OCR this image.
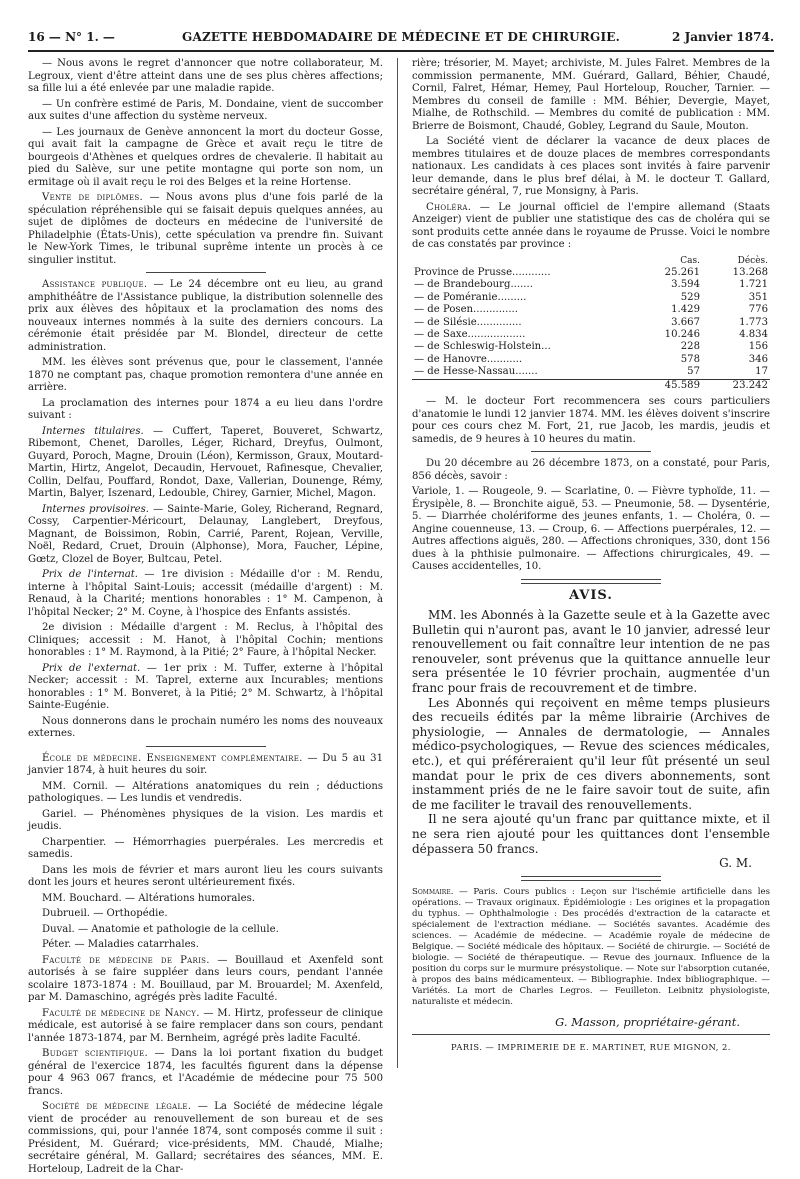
16 — N° 1. —	GAZETTE HEBDOMADAIRE DE MÉDECINE ET DE CHIRURGIE.	2 Janvier 1874.

— Nous avons le regret d'annoncer que notre collaborateur, M. Legroux, vient d'être atteint dans une de ses plus chères affections; sa fille lui a été enlevée par une maladie rapide.

— Un confrère estimé de Paris, M. Dondaine, vient de succomber aux suites d'une affection du système nerveux.

— Les journaux de Genève annoncent la mort du docteur Gosse, qui avait fait la campagne de Grèce et avait reçu le titre de bourgeois d'Athènes et quelques ordres de chevalerie. Il habitait au pied du Salève, sur une petite montagne qui porte son nom, un ermitage où il avait reçu le roi des Belges et la reine Hortense.

Vente de diplômes. — Nous avons plus d'une fois parlé de la spéculation répréhensible qui se faisait depuis quelques années, au sujet de diplômes de docteurs en médecine de l'université de Philadelphie (États-Unis), cette spéculation va prendre fin. Suivant le New-York Times, le tribunal suprême intente un procès à ce singulier institut.

Assistance publique. — Le 24 décembre ont eu lieu, au grand amphithéâtre de l'Assistance publique, la distribution solennelle des prix aux élèves des hôpitaux et la proclamation des noms des nouveaux internes nommés à la suite des derniers concours. La cérémonie était présidée par M. Blondel, directeur de cette administration.

MM. les élèves sont prévenus que, pour le classement, l'année 1870 ne comptant pas, chaque promotion remontera d'une année en arrière.

La proclamation des internes pour 1874 a eu lieu dans l'ordre suivant :

Internes titulaires. — Cuffert, Taperet, Bouveret, Schwartz, Ribemont, Chenet, Darolles, Léger, Richard, Dreyfus, Oulmont, Guyard, Poroch, Magne, Drouin (Léon), Kermisson, Graux, Moutard-Martin, Hirtz, Angelot, Decaudin, Hervouet, Rafinesque, Chevalier, Collin, Delfau, Pouffard, Rondot, Daxe, Vallerian, Dounenge, Rémy, Martin, Balyer, Iszenard, Ledouble, Chirey, Garnier, Michel, Magon.

Internes provisoires. — Sainte-Marie, Goley, Richerand, Regnard, Cossy, Carpentier-Méricourt, Delaunay, Langlebert, Dreyfous, Magnant, de Boissimon, Robin, Carrié, Parent, Rojean, Verville, Noël, Redard, Cruet, Drouin (Alphonse), Mora, Faucher, Lépine, Gœtz, Clozel de Boyer, Bultcau, Petel.

Prix de l'internat. — 1re division : Médaille d'or : M. Rendu, interne à l'hôpital Saint-Louis; accessit (médaille d'argent) : M. Renaud, à la Charité; mentions honorables : 1° M. Campenon, à l'hôpital Necker; 2° M. Coyne, à l'hospice des Enfants assistés.

2e division : Médaille d'argent : M. Reclus, à l'hôpital des Cliniques; accessit : M. Hanot, à l'hôpital Cochin; mentions honorables : 1° M. Raymond, à la Pitié; 2° Faure, à l'hôpital Necker.

Prix de l'externat. — 1er prix : M. Tuffer, externe à l'hôpital Necker; accessit : M. Taprel, externe aux Incurables; mentions honorables : 1° M. Bonveret, à la Pitié; 2° M. Schwartz, à l'hôpital Sainte-Eugénie.

Nous donnerons dans le prochain numéro les noms des nouveaux externes.

École de médecine. Enseignement complémentaire. — Du 5 au 31 janvier 1874, à huit heures du soir.

MM. Cornil. — Altérations anatomiques du rein ; déductions pathologiques. — Les lundis et vendredis.

Gariel. — Phénomènes physiques de la vision. Les mardis et jeudis.

Charpentier. — Hémorrhagies puerpérales. Les mercredis et samedis.

Dans les mois de février et mars auront lieu les cours suivants dont les jours et heures seront ultérieurement fixés.

MM. Bouchard. — Altérations humorales.

Dubrueil. — Orthopédie.

Duval. — Anatomie et pathologie de la cellule.

Péter. — Maladies catarrhales.

Faculté de médecine de Paris. — Bouillaud et Axenfeld sont autorisés à se faire suppléer dans leurs cours, pendant l'année scolaire 1873-1874 : M. Bouillaud, par M. Brouardel; M. Axenfeld, par M. Damaschino, agrégés près ladite Faculté.

Faculté de médecine de Nancy. — M. Hirtz, professeur de clinique médicale, est autorisé à se faire remplacer dans son cours, pendant l'année 1873-1874, par M. Bernheim, agrégé près ladite Faculté.

Budget scientifique. — Dans la loi portant fixation du budget général de l'exercice 1874, les facultés figurent dans la dépense pour 4 963 067 francs, et l'Académie de médecine pour 75 500 francs.

Société de médecine légale. — La Société de médecine légale vient de procéder au renouvellement de son bureau et de ses commissions, qui, pour l'année 1874, sont composés comme il suit : Président, M. Guérard; vice-présidents, MM. Chaudé, Mialhe; secrétaire général, M. Gallard; secrétaires des séances, MM. E. Horteloup, Ladreit de la Char-

rière; trésorier, M. Mayet; archiviste, M. Jules Falret. Membres de la commission permanente, MM. Guérard, Gallard, Béhier, Chaudé, Cornil, Falret, Hémar, Hemey, Paul Horteloup, Roucher, Tarnier. — Membres du conseil de famille : MM. Béhier, Devergie, Mayet, Mialhe, de Rothschild. — Membres du comité de publication : MM. Brierre de Boismont, Chaudé, Gobley, Legrand du Saule, Mouton.

La Société vient de déclarer la vacance de deux places de membres titulaires et de douze places de membres correspondants nationaux. Les candidats à ces places sont invités à faire parvenir leur demande, dans le plus bref délai, à M. le docteur T. Gallard, secrétaire général, 7, rue Monsigny, à Paris.

Choléra. — Le journal officiel de l'empire allemand (Staats Anzeiger) vient de publier une statistique des cas de choléra qui se sont produits cette année dans le royaume de Prusse. Voici le nombre de cas constatés par province :

	Cas.	Décès.
Province de Prusse............	25.261	13.268
— de Brandebourg.......	3.594	1.721
— de Poméranie.........	529	351
— de Posen..............	1.429	776
— de Silésie..............	3.667	1.773
— de Saxe..................	10.246	4.834
— de Schleswig-Holstein...	228	156
— de Hanovre...........	578	346
— de Hesse-Nassau.......	57	17
	45.589	23.242

— M. le docteur Fort recommencera ses cours particuliers d'anatomie le lundi 12 janvier 1874. MM. les élèves doivent s'inscrire pour ces cours chez M. Fort, 21, rue Jacob, les mardis, jeudis et samedis, de 9 heures à 10 heures du matin.

Du 20 décembre au 26 décembre 1873, on a constaté, pour Paris, 856 décès, savoir :

Variole, 1. — Rougeole, 9. — Scarlatine, 0. — Fièvre typhoïde, 11. — Érysipèle, 8. — Bronchite aiguë, 53. — Pneumonie, 58. — Dysentérie, 5. — Diarrhée cholériforme des jeunes enfants, 1. — Choléra, 0. — Angine couenneuse, 13. — Croup, 6. — Affections puerpérales, 12. — Autres affections aiguës, 280. — Affections chroniques, 330, dont 156 dues à la phthisie pulmonaire. — Affections chirurgicales, 49. — Causes accidentelles, 10.

AVIS.

MM. les Abonnés à la Gazette seule et à la Gazette avec Bulletin qui n'auront pas, avant le 10 janvier, adressé leur renouvellement ou fait connaître leur intention de ne pas renouveler, sont prévenus que la quittance annuelle leur sera présentée le 10 février prochain, augmentée d'un franc pour frais de recouvrement et de timbre.

Les Abonnés qui reçoivent en même temps plusieurs des recueils édités par la même librairie (Archives de physiologie, — Annales de dermatologie, — Annales médico-psychologiques, — Revue des sciences médicales, etc.), et qui préféreraient qu'il leur fût présenté un seul mandat pour le prix de ces divers abonnements, sont instamment priés de ne le faire savoir tout de suite, afin de me faciliter le travail des renouvellements.

Il ne sera ajouté qu'un franc par quittance mixte, et il ne sera rien ajouté pour les quittances dont l'ensemble dépassera 50 francs.

G. M.
Sommaire. — Paris. Cours publics : Leçon sur l'ischémie artificielle dans les opérations. — Travaux originaux. Épidémiologie : Les origines et la propagation du typhus. — Ophthalmologie : Des procédés d'extraction de la cataracte et spécialement de l'extraction médiane. — Sociétés savantes. Académie des sciences. — Académie de médecine. — Académie royale de médecine de Belgique. — Société médicale des hôpitaux. — Société de chirurgie. — Société de biologie. — Société de thérapeutique. — Revue des journaux. Influence de la position du corps sur le murmure présystolique. — Note sur l'absorption cutanée, à propos des bains médicamenteux. — Bibliographie. Index bibliographique. — Variétés. La mort de Charles Legros. — Feuilleton. Leibnitz physiologiste, naturaliste et médecin.
G. Masson, propriétaire-gérant.
PARIS. — IMPRIMERIE DE E. MARTINET, RUE MIGNON, 2.
